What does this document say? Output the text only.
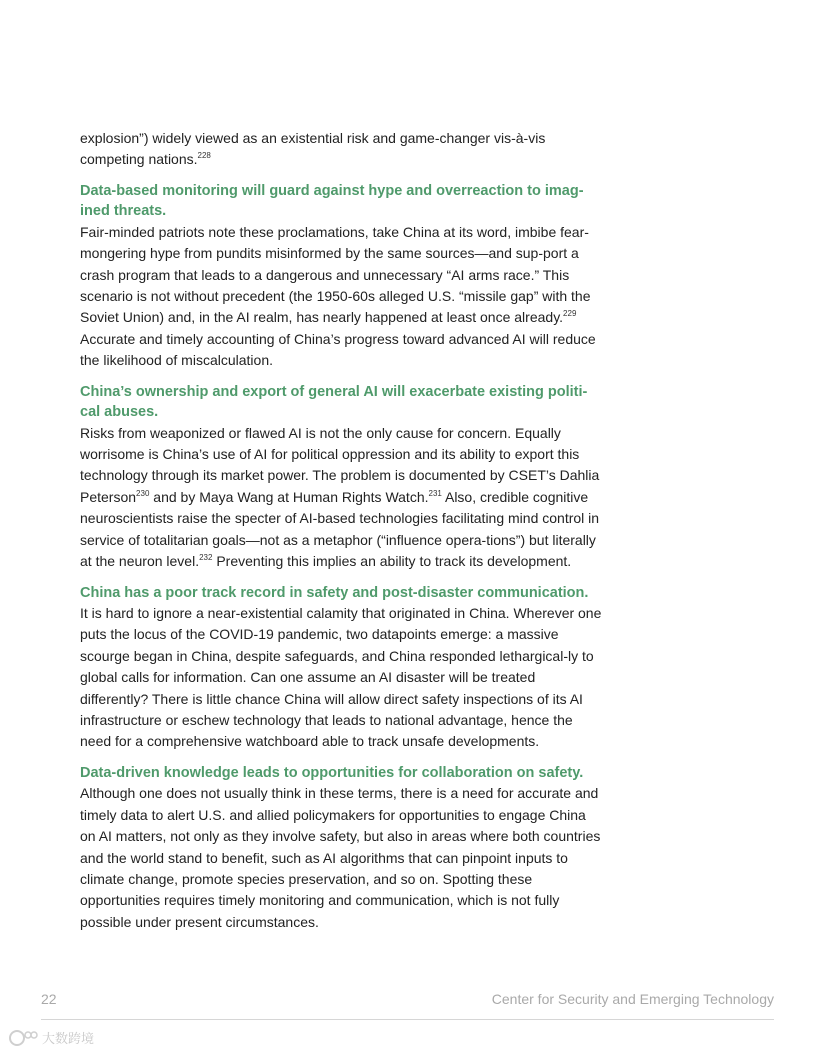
explosion”) widely viewed as an existential risk and game-changer vis-à-vis competing nations.$^{228}$

Data-based monitoring will guard against hype and overreaction to imag-ined threats.

Fair-minded patriots note these proclamations, take China at its word, imbibe fear-mongering hype from pundits misinformed by the same sources—and sup-port a crash program that leads to a dangerous and unnecessary “AI arms race.” This scenario is not without precedent (the 1950-60s alleged U.S. “missile gap” with the Soviet Union) and, in the AI realm, has nearly happened at least once already.$^{229}$ Accurate and timely accounting of China’s progress toward advanced AI will reduce the likelihood of miscalculation.

China’s ownership and export of general AI will exacerbate existing politi-cal abuses.

Risks from weaponized or flawed AI is not the only cause for concern. Equally worrisome is China’s use of AI for political oppression and its ability to export this technology through its market power. The problem is documented by CSET’s Dahlia Peterson$^{230}$ and by Maya Wang at Human Rights Watch.$^{231}$ Also, credible cognitive neuroscientists raise the specter of AI-based technologies facilitating mind control in service of totalitarian goals—not as a metaphor (“influence opera-tions”) but literally at the neuron level.$^{232}$ Preventing this implies an ability to track its development.

China has a poor track record in safety and post-disaster communication.

It is hard to ignore a near-existential calamity that originated in China. Wherever one puts the locus of the COVID-19 pandemic, two datapoints emerge: a massive scourge began in China, despite safeguards, and China responded lethargical-ly to global calls for information. Can one assume an AI disaster will be treated differently? There is little chance China will allow direct safety inspections of its AI infrastructure or eschew technology that leads to national advantage, hence the need for a comprehensive watchboard able to track unsafe developments.

Data-driven knowledge leads to opportunities for collaboration on safety.

Although one does not usually think in these terms, there is a need for accurate and timely data to alert U.S. and allied policymakers for opportunities to engage China on AI matters, not only as they involve safety, but also in areas where both countries and the world stand to benefit, such as AI algorithms that can pinpoint inputs to climate change, promote species preservation, and so on. Spotting these opportunities requires timely monitoring and communication, which is not fully possible under present circumstances.

22	Center for Security and Emerging Technology
大数跨境
